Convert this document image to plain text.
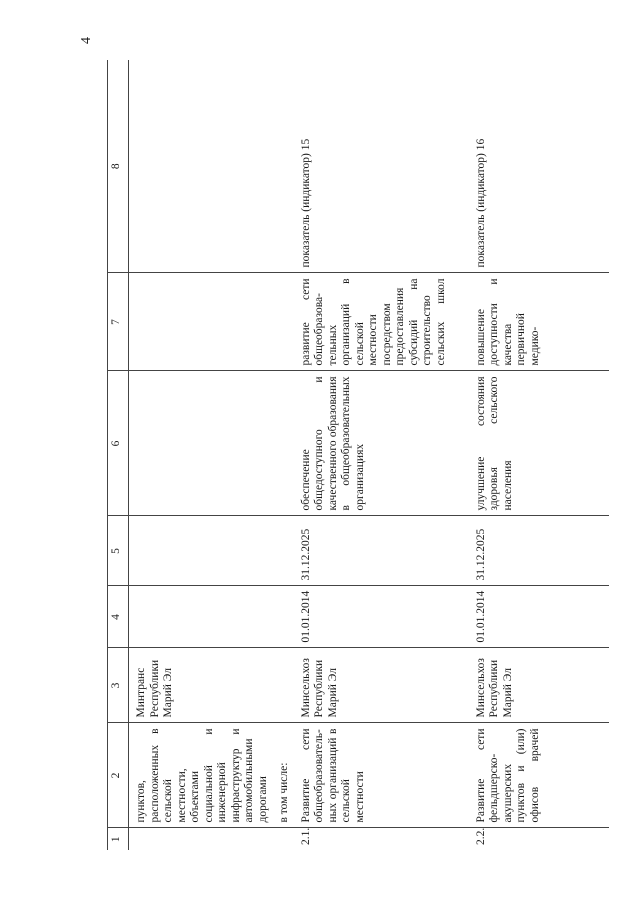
4
1	2	3	4	5	6	7	8
	пунктов, расположенных в сельской местности, объектами социальной и инженерной инфраструктур и автомобильными дорогами	Минтранс Республики Марий Эл					
	в том числе:						
2.1.	Развитие сети общеобразователь-ных организаций в сельской местности	Минсельхоз Республики Марий Эл	01.01.2014	31.12.2025	обеспечение общедоступного и качественного образования в общеобразовательных организациях	развитие сети общеобразова-тельных организаций в сельской местности посредством предоставления субсидий на строительство сельских школ	показатель (индикатор) 15
2.2.	Развитие сети фельдшерско-акушерских пунктов и (или) офисов врачей	Минсельхоз Республики Марий Эл	01.01.2014	31.12.2025	улучшение состояния здоровья сельского населения	повышение доступности и качества первичной медико-	показатель (индикатор) 16
